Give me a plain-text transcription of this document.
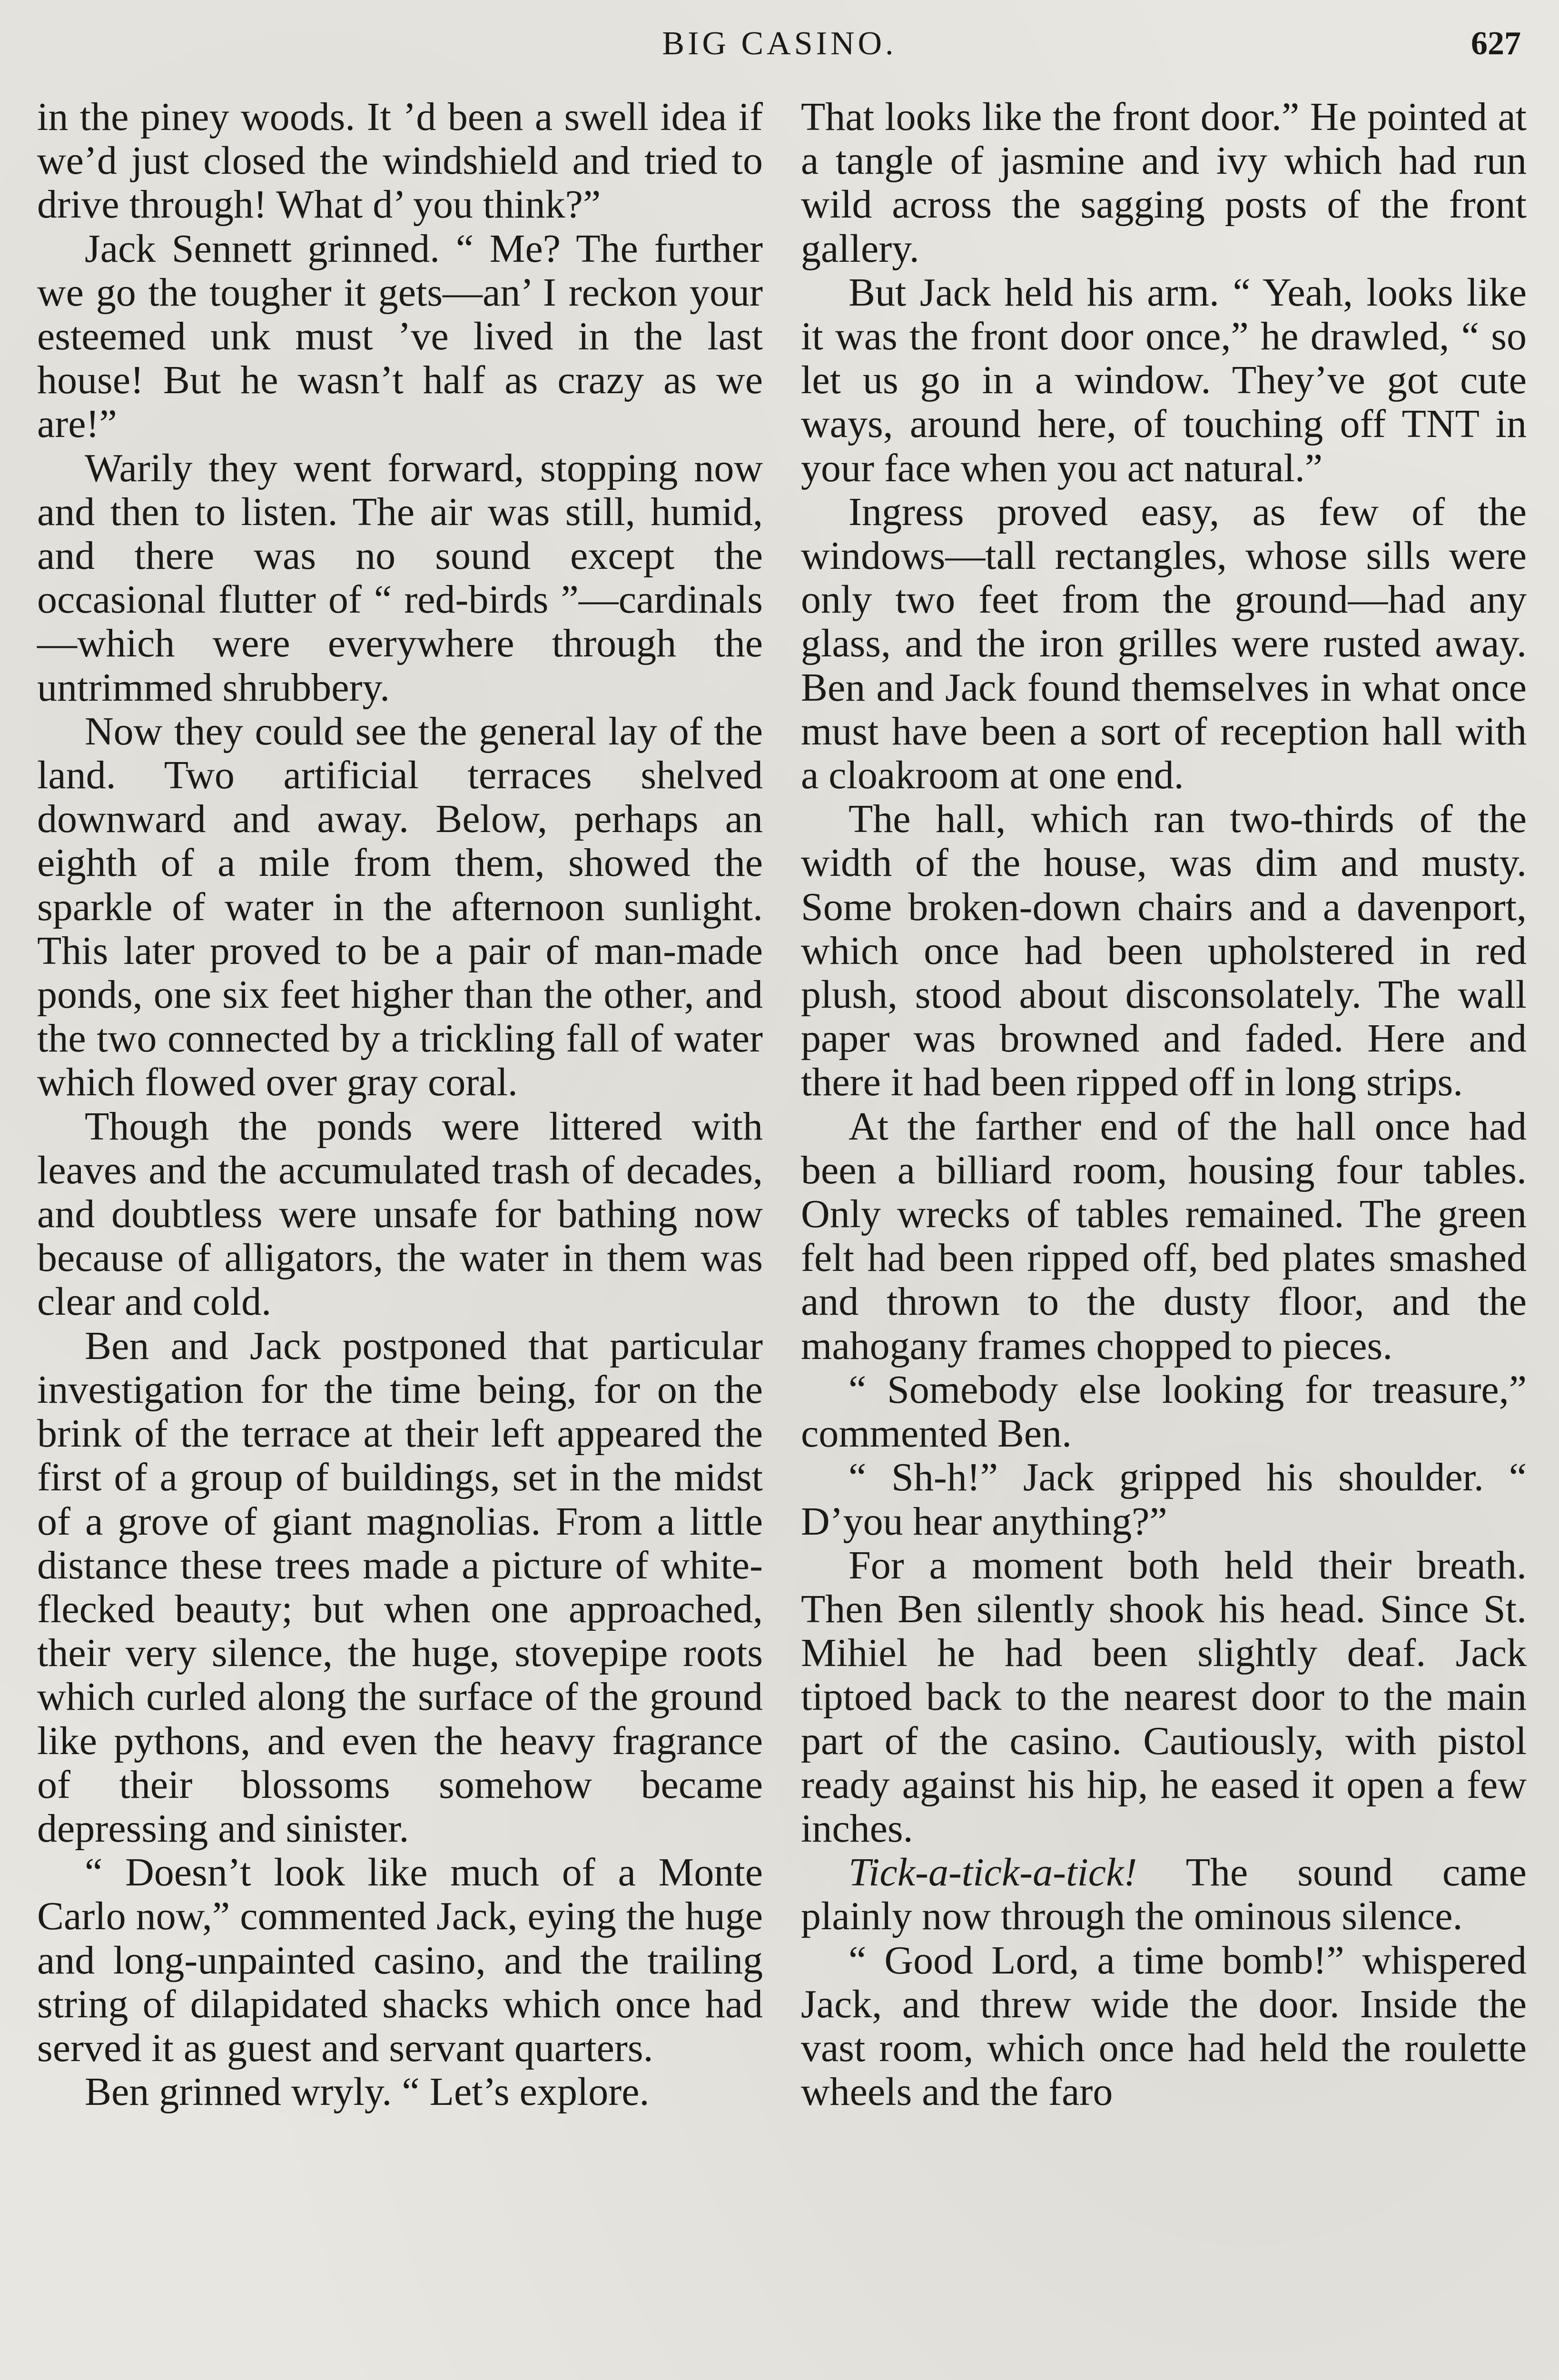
BIG CASINO.	627

in the piney woods. It ’d been a swell idea if we’d just closed the windshield and tried to drive through! What d’ you think?”

Jack Sennett grinned. “ Me? The further we go the tougher it gets—an’ I reckon your esteemed unk must ’ve lived in the last house! But he wasn’t half as crazy as we are!”

Warily they went forward, stopping now and then to listen. The air was still, humid, and there was no sound except the occasional flutter of “ red-birds ”—cardinals—which were everywhere through the untrimmed shrubbery.

Now they could see the general lay of the land. Two artificial terraces shelved downward and away. Below, perhaps an eighth of a mile from them, showed the sparkle of water in the afternoon sunlight. This later proved to be a pair of man-made ponds, one six feet higher than the other, and the two connected by a trickling fall of water which flowed over gray coral.

Though the ponds were littered with leaves and the accumulated trash of decades, and doubtless were unsafe for bathing now because of alligators, the water in them was clear and cold.

Ben and Jack postponed that particular investigation for the time being, for on the brink of the terrace at their left appeared the first of a group of buildings, set in the midst of a grove of giant magnolias. From a little distance these trees made a picture of white-flecked beauty; but when one approached, their very silence, the huge, stovepipe roots which curled along the surface of the ground like pythons, and even the heavy fragrance of their blossoms somehow became depressing and sinister.

“ Doesn’t look like much of a Monte Carlo now,” commented Jack, eying the huge and long-unpainted casino, and the trailing string of dilapidated shacks which once had served it as guest and servant quarters.

Ben grinned wryly. “ Let’s explore.

That looks like the front door.” He pointed at a tangle of jasmine and ivy which had run wild across the sagging posts of the front gallery.

But Jack held his arm. “ Yeah, looks like it was the front door once,” he drawled, “ so let us go in a window. They’ve got cute ways, around here, of touching off TNT in your face when you act natural.”

Ingress proved easy, as few of the windows—tall rectangles, whose sills were only two feet from the ground—had any glass, and the iron grilles were rusted away. Ben and Jack found themselves in what once must have been a sort of reception hall with a cloakroom at one end.

The hall, which ran two-thirds of the width of the house, was dim and musty. Some broken-down chairs and a davenport, which once had been upholstered in red plush, stood about disconsolately. The wall paper was browned and faded. Here and there it had been ripped off in long strips.

At the farther end of the hall once had been a billiard room, housing four tables. Only wrecks of tables remained. The green felt had been ripped off, bed plates smashed and thrown to the dusty floor, and the mahogany frames chopped to pieces.

“ Somebody else looking for treasure,” commented Ben.

“ Sh-h!” Jack gripped his shoulder. “ D’you hear anything?”

For a moment both held their breath. Then Ben silently shook his head. Since St. Mihiel he had been slightly deaf. Jack tiptoed back to the nearest door to the main part of the casino. Cautiously, with pistol ready against his hip, he eased it open a few inches.

Tick-a-tick-a-tick! The sound came plainly now through the ominous silence.

“ Good Lord, a time bomb!” whispered Jack, and threw wide the door. Inside the vast room, which once had held the roulette wheels and the faro
